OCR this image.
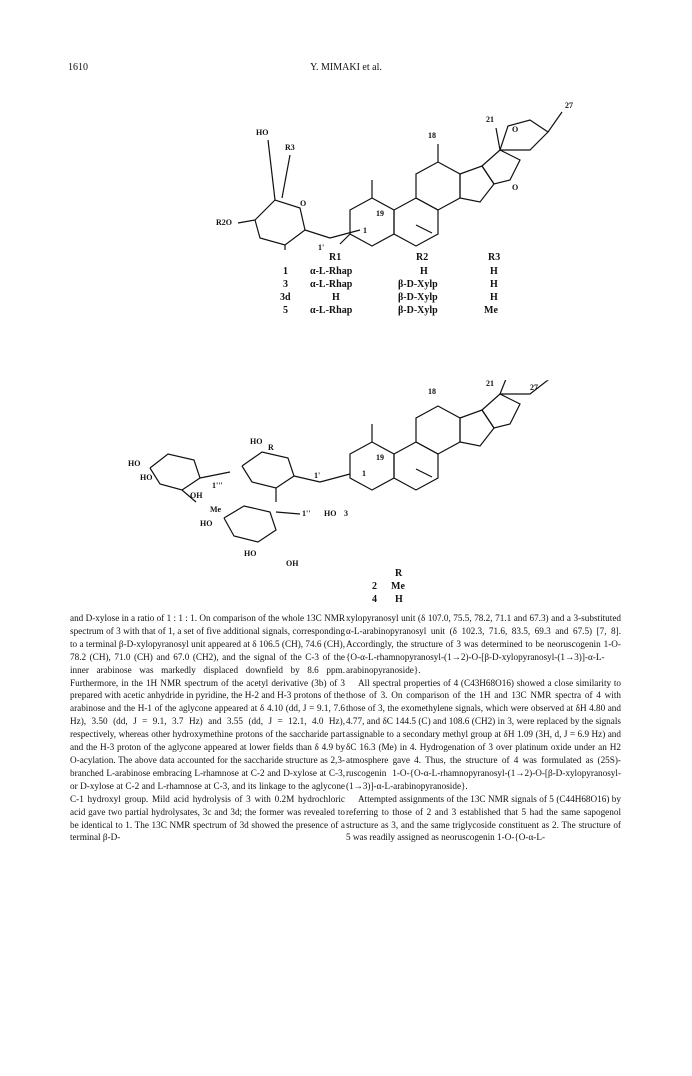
1610	Y. MIMAKI et al.
HO
R3
R2O
O
1'
1
19
18
21
27
O
O
R1	R2	R3
1 α-L-Rhap	H	H
3 α-L-Rhap	β-D-Xylp	H
3d	H	β-D-Xylp	H
5 α-L-Rhap	β-D-Xylp	Me
HO
HO
OH
1'''
HO
R
1'
Me
HO
1'' HO 3
HO
OH
1
19
18
21	27
R
2 Me
4 H

and D-xylose in a ratio of 1 : 1 : 1. On comparison of the whole 13C NMR spectrum of 3 with that of 1, a set of five additional signals, corresponding to a terminal β-D-xylopyranosyl unit appeared at δ 106.5 (CH), 74.6 (CH), 78.2 (CH), 71.0 (CH) and 67.0 (CH2), and the signal of the C-3 of the inner arabinose was markedly displaced downfield by 8.6 ppm. Furthermore, in the 1H NMR spectrum of the acetyl derivative (3b) of 3 prepared with acetic anhydride in pyridine, the H-2 and H-3 protons of the arabinose and the H-1 of the aglycone appeared at δ 4.10 (dd, J = 9.1, 7.6 Hz), 3.50 (dd, J = 9.1, 3.7 Hz) and 3.55 (dd, J = 12.1, 4.0 Hz), respectively, whereas other hydroxymethine protons of the saccharide part and the H-3 proton of the aglycone appeared at lower fields than δ 4.9 by O-acylation. The above data accounted for the saccharide structure as 2,3-branched L-arabinose embracing L-rhamnose at C-2 and D-xylose at C-3, or D-xylose at C-2 and L-rhamnose at C-3, and its linkage to the aglycone C-1 hydroxyl group. Mild acid hydrolysis of 3 with 0.2M hydrochloric acid gave two partial hydrolysates, 3c and 3d; the former was revealed to be identical to 1. The 13C NMR spectrum of 3d showed the presence of a terminal β-D-

xylopyranosyl unit (δ 107.0, 75.5, 78.2, 71.1 and 67.3) and a 3-substituted α-L-arabinopyranosyl unit (δ 102.3, 71.6, 83.5, 69.3 and 67.5) [7, 8]. Accordingly, the structure of 3 was determined to be neoruscogenin 1-O-{O-α-L-rhamnopyranosyl-(1→2)-O-[β-D-xylopyranosyl-(1→3)]-α-L-arabinopyranoside}.

All spectral properties of 4 (C43H68O16) showed a close similarity to those of 3. On comparison of the 1H and 13C NMR spectra of 4 with those of 3, the exomethylene signals, which were observed at δH 4.80 and 4.77, and δC 144.5 (C) and 108.6 (CH2) in 3, were replaced by the signals assignable to a secondary methyl group at δH 1.09 (3H, d, J = 6.9 Hz) and δC 16.3 (Me) in 4. Hydrogenation of 3 over platinum oxide under an H2 atmosphere gave 4. Thus, the structure of 4 was formulated as (25S)-ruscogenin 1-O-{O-α-L-rhamnopyranosyl-(1→2)-O-[β-D-xylopyranosyl-(1→3)]-α-L-arabinopyranoside}.

Attempted assignments of the 13C NMR signals of 5 (C44H68O16) by referring to those of 2 and 3 established that 5 had the same sapogenol structure as 3, and the same triglycoside constituent as 2. The structure of 5 was readily assigned as neoruscogenin 1-O-{O-α-L-
